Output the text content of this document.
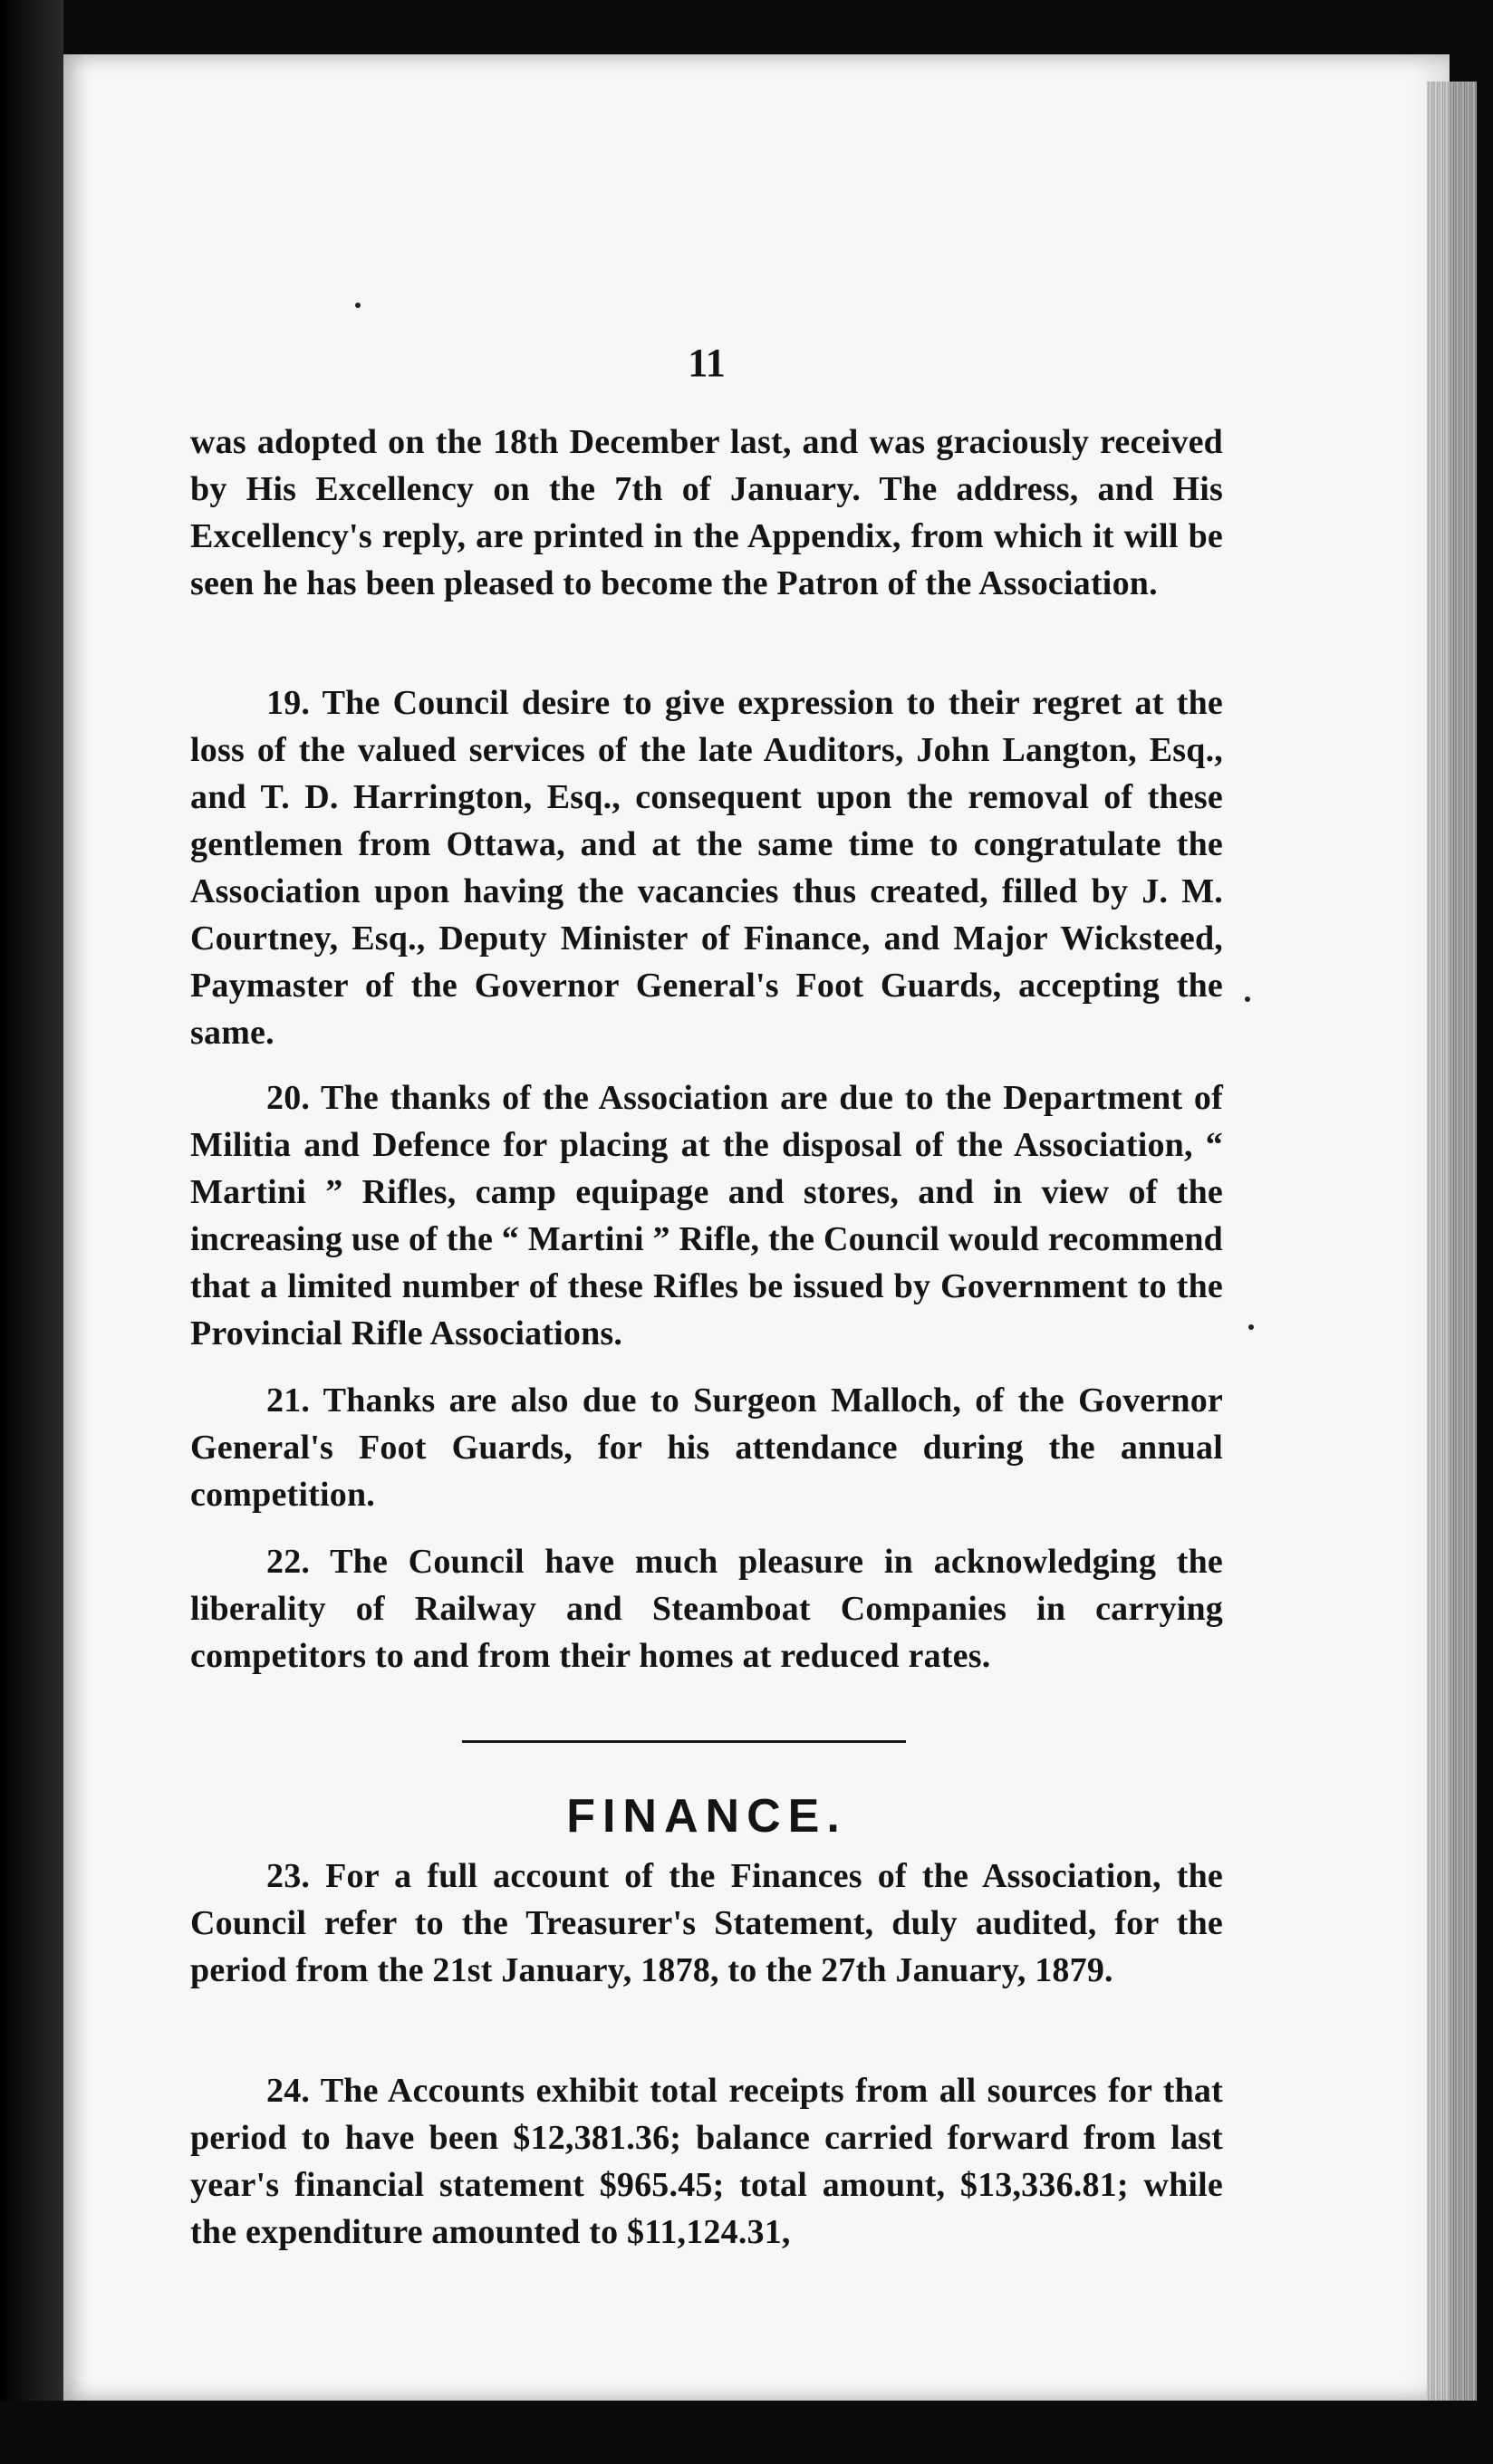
11
was adopted on the 18th December last, and was graciously received by His Excellency on the 7th of January. The address, and His Excellency's reply, are printed in the Appendix, from which it will be seen he has been pleased to become the Patron of the Association.
19. The Council desire to give expression to their regret at the loss of the valued services of the late Auditors, John Langton, Esq., and T. D. Harrington, Esq., consequent upon the removal of these gentlemen from Ottawa, and at the same time to congratulate the Association upon having the vacancies thus created, filled by J. M. Courtney, Esq., Deputy Minister of Finance, and Major Wicksteed, Paymaster of the Governor General's Foot Guards, accepting the same.
20. The thanks of the Association are due to the Department of Militia and Defence for placing at the disposal of the Association, “ Martini ” Rifles, camp equipage and stores, and in view of the increasing use of the “ Martini ” Rifle, the Council would recommend that a limited number of these Rifles be issued by Government to the Provincial Rifle Associations.
21. Thanks are also due to Surgeon Malloch, of the Governor General's Foot Guards, for his attendance during the annual competition.
22. The Council have much pleasure in acknowledging the liberality of Railway and Steamboat Companies in carrying competitors to and from their homes at reduced rates.
FINANCE.
23. For a full account of the Finances of the Association, the Council refer to the Treasurer's Statement, duly audited, for the period from the 21st January, 1878, to the 27th January, 1879.
24. The Accounts exhibit total receipts from all sources for that period to have been $12,381.36; balance carried forward from last year's financial statement $965.45; total amount, $13,336.81; while the expenditure amounted to $11,124.31,
